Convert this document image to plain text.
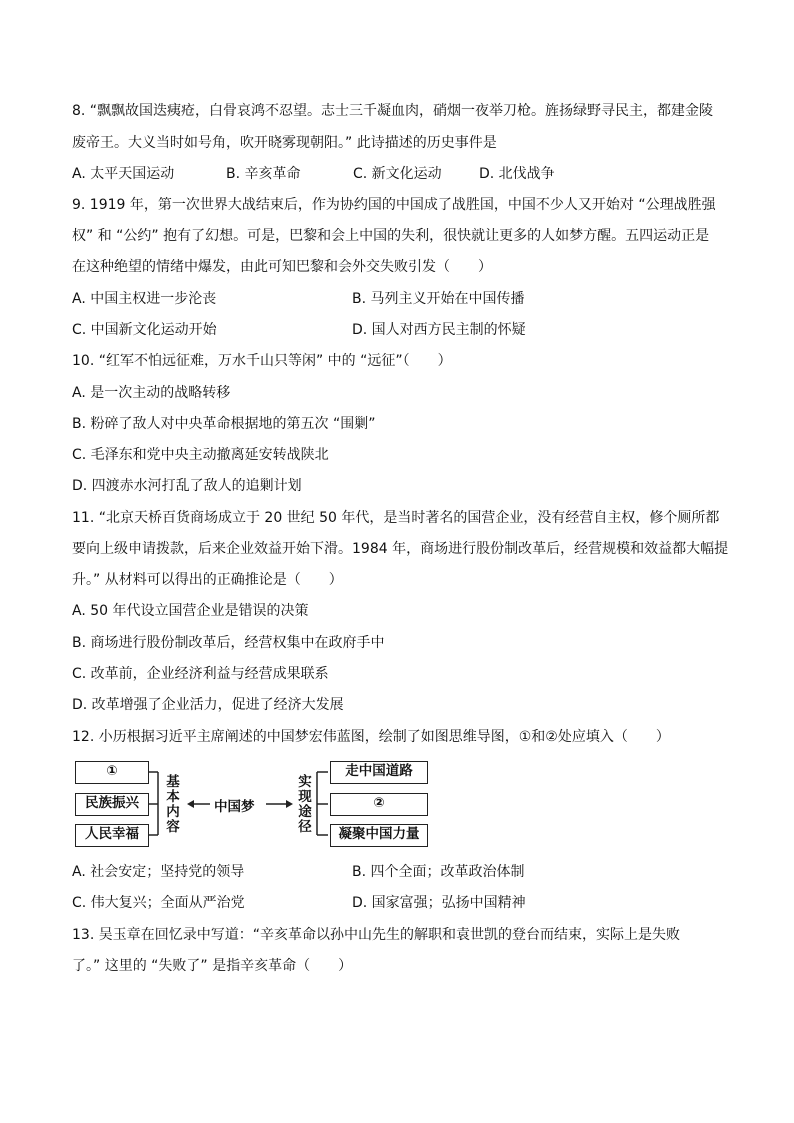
8. “飘飘故国迭痍疮，白骨哀鸿不忍望。志士三千凝血肉，硝烟一夜举刀枪。旌扬绿野寻民主，都建金陵
废帝王。大义当时如号角，吹开晓雾现朝阳。” 此诗描述的历史事件是
A. 太平天国运动	B. 辛亥革命	C. 新文化运动	D. 北伐战争
9. 1919 年，第一次世界大战结束后，作为协约国的中国成了战胜国，中国不少人又开始对 “公理战胜强
权” 和 “公约” 抱有了幻想。可是，巴黎和会上中国的失利，很快就让更多的人如梦方醒。五四运动正是
在这种绝望的情绪中爆发，由此可知巴黎和会外交失败引发（　　）
A. 中国主权进一步沦丧	B. 马列主义开始在中国传播
C. 中国新文化运动开始	D. 国人对西方民主制的怀疑
10. “红军不怕远征难，万水千山只等闲” 中的 “远征”（　　）
A. 是一次主动的战略转移
B. 粉碎了敌人对中央革命根据地的第五次 “围剿”
C. 毛泽东和党中央主动撤离延安转战陕北
D. 四渡赤水河打乱了敌人的追剿计划
11. “北京天桥百货商场成立于 20 世纪 50 年代，是当时著名的国营企业，没有经营自主权，修个厕所都
要向上级申请拨款，后来企业效益开始下滑。1984 年，商场进行股份制改革后，经营规模和效益都大幅提
升。” 从材料可以得出的正确推论是（　　）
A. 50 年代设立国营企业是错误的决策
B. 商场进行股份制改革后，经营权集中在政府手中
C. 改革前，企业经济利益与经营成果联系
D. 改革增强了企业活力，促进了经济大发展
12. 小历根据习近平主席阐述的中国梦宏伟蓝图，绘制了如图思维导图，①和②处应填入（　　）
①
民族振兴
人民幸福
基本内容
中国梦
实现途径
走中国道路
②
凝聚中国力量
A. 社会安定；坚持党的领导	B. 四个全面；改革政治体制
C. 伟大复兴；全面从严治党	D. 国家富强；弘扬中国精神
13. 吴玉章在回忆录中写道：“辛亥革命以孙中山先生的解职和袁世凯的登台而结束，实际上是失败
了。” 这里的 “失败了” 是指辛亥革命（　　）
